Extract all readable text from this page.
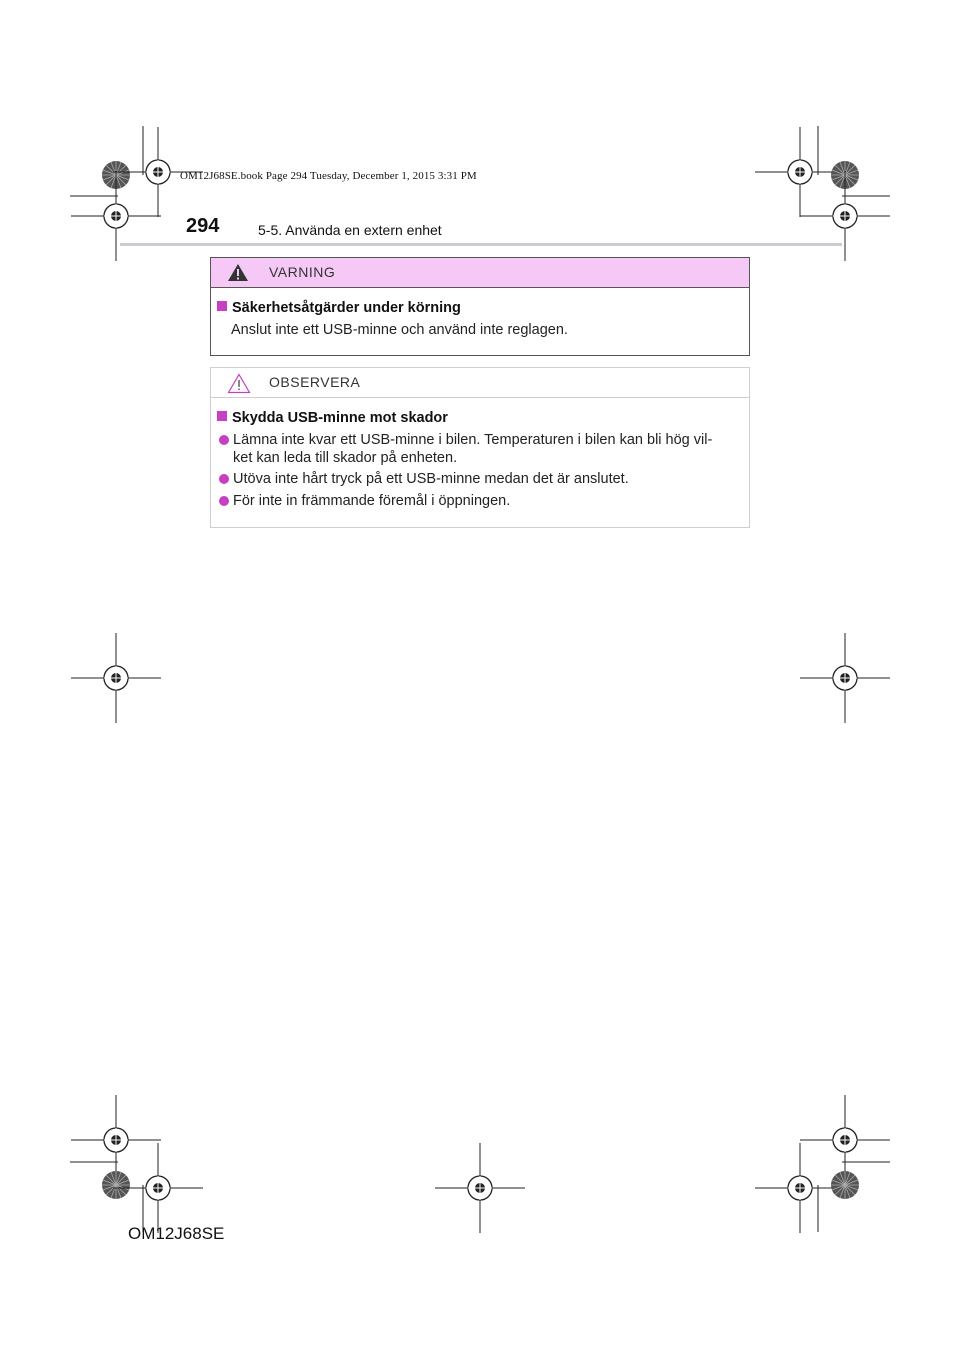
OM12J68SE.book Page 294 Tuesday, December 1, 2015 3:31 PM
294	5-5. Använda en extern enhet
VARNING
Säkerhetsåtgärder under körning
Anslut inte ett USB-minne och använd inte reglagen.
OBSERVERA
Skydda USB-minne mot skador
Lämna inte kvar ett USB-minne i bilen. Temperaturen i bilen kan bli hög vil-
ket kan leda till skador på enheten.
Utöva inte hårt tryck på ett USB-minne medan det är anslutet.
För inte in främmande föremål i öppningen.
OM12J68SE
